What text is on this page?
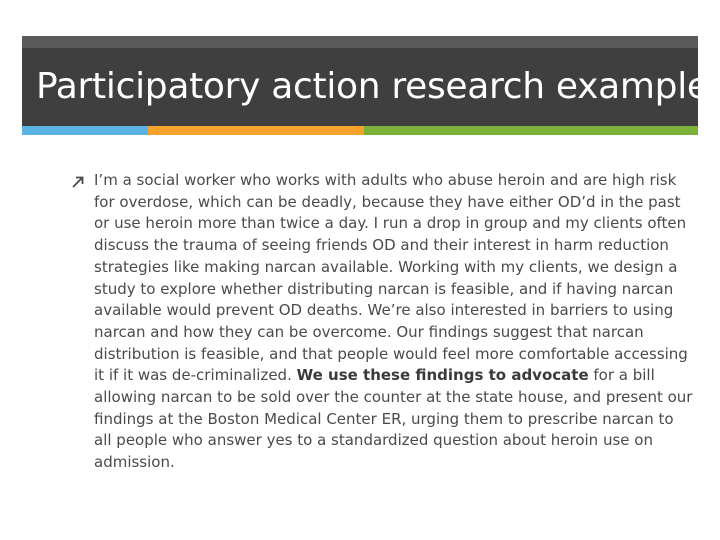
Participatory action research example

I’m a social worker who works with adults who abuse heroin and are high risk for overdose, which can be deadly, because they have either OD’d in the past or use heroin more than twice a day. I run a drop in group and my clients often discuss the trauma of seeing friends OD and their interest in harm reduction strategies like making narcan available. Working with my clients, we design a study to explore whether distributing narcan is feasible, and if having narcan available would prevent OD deaths. We’re also interested in barriers to using narcan and how they can be overcome. Our findings suggest that narcan distribution is feasible, and that people would feel more comfortable accessing it if it was de-criminalized. We use these findings to advocate for a bill allowing narcan to be sold over the counter at the state house, and present our findings at the Boston Medical Center ER, urging them to prescribe narcan to all people who answer yes to a standardized question about heroin use on admission.
